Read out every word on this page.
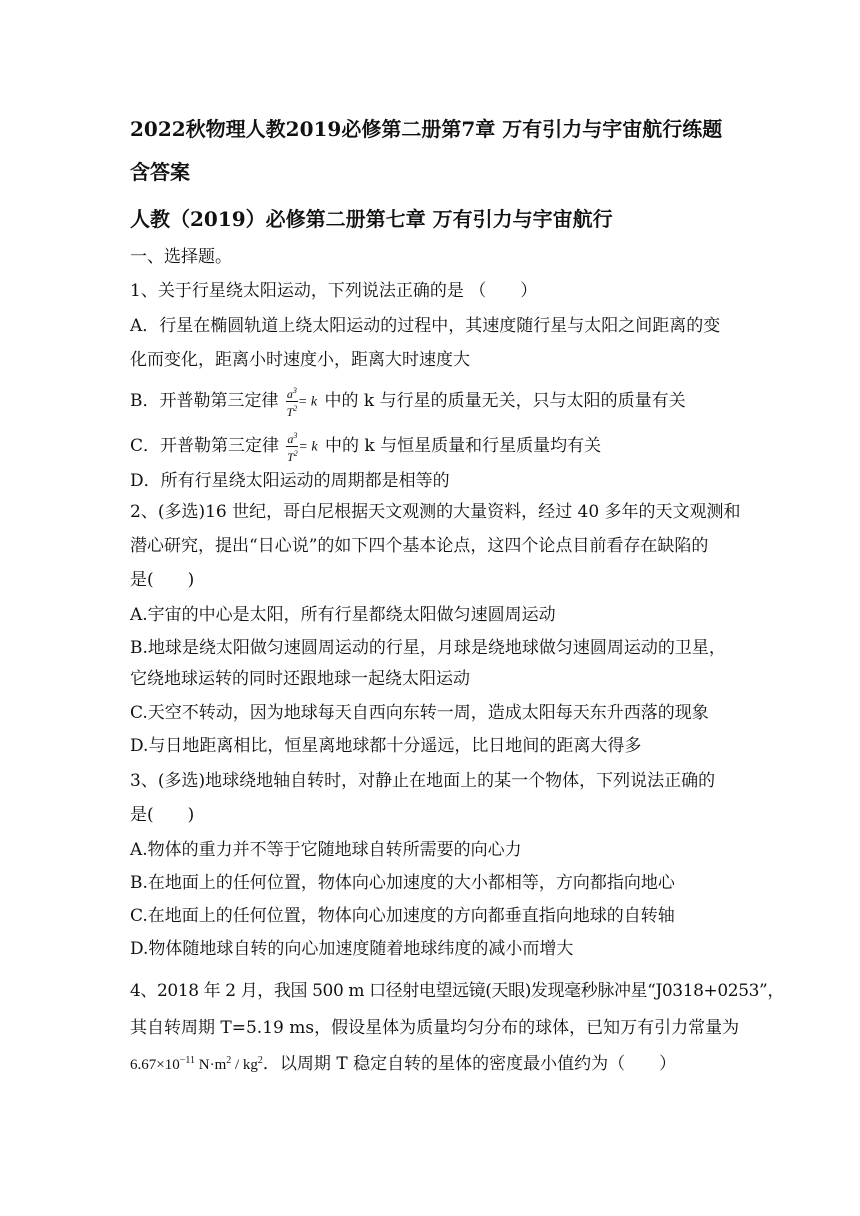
2022秋物理人教2019必修第二册第7章 万有引力与宇宙航行练题
含答案
人教（2019）必修第二册第七章 万有引力与宇宙航行
一、选择题。
1、关于行星绕太阳运动，下列说法正确的是 （　　）
A．行星在椭圆轨道上绕太阳运动的过程中，其速度随行星与太阳之间距离的变
化而变化，距离小时速度小，距离大时速度大
B．开普勒第三定律 $\frac{a^3}{T^2} = k$ 中的 k 与行星的质量无关，只与太阳的质量有关
C．开普勒第三定律 $\frac{a^3}{T^2} = k$ 中的 k 与恒星质量和行星质量均有关
D．所有行星绕太阳运动的周期都是相等的
2、(多选)16 世纪，哥白尼根据天文观测的大量资料，经过 40 多年的天文观测和
潜心研究，提出“日心说”的如下四个基本论点，这四个论点目前看存在缺陷的
是(　　)
A.宇宙的中心是太阳，所有行星都绕太阳做匀速圆周运动
B.地球是绕太阳做匀速圆周运动的行星，月球是绕地球做匀速圆周运动的卫星，
它绕地球运转的同时还跟地球一起绕太阳运动
C.天空不转动，因为地球每天自西向东转一周，造成太阳每天东升西落的现象
D.与日地距离相比，恒星离地球都十分遥远，比日地间的距离大得多
3、(多选)地球绕地轴自转时，对静止在地面上的某一个物体，下列说法正确的
是(　　)
A.物体的重力并不等于它随地球自转所需要的向心力
B.在地面上的任何位置，物体向心加速度的大小都相等，方向都指向地心
C.在地面上的任何位置，物体向心加速度的方向都垂直指向地球的自转轴
D.物体随地球自转的向心加速度随着地球纬度的减小而增大
4、2018 年 2 月，我国 500 m 口径射电望远镜(天眼)发现毫秒脉冲星“J0318+0253”，
其自转周期 T=5.19 ms，假设星体为质量均匀分布的球体，已知万有引力常量为
$6.67\times 10^{-11}$ $N\cdot m^2 / kg^2$．以周期 T 稳定自转的星体的密度最小值约为（　　）
